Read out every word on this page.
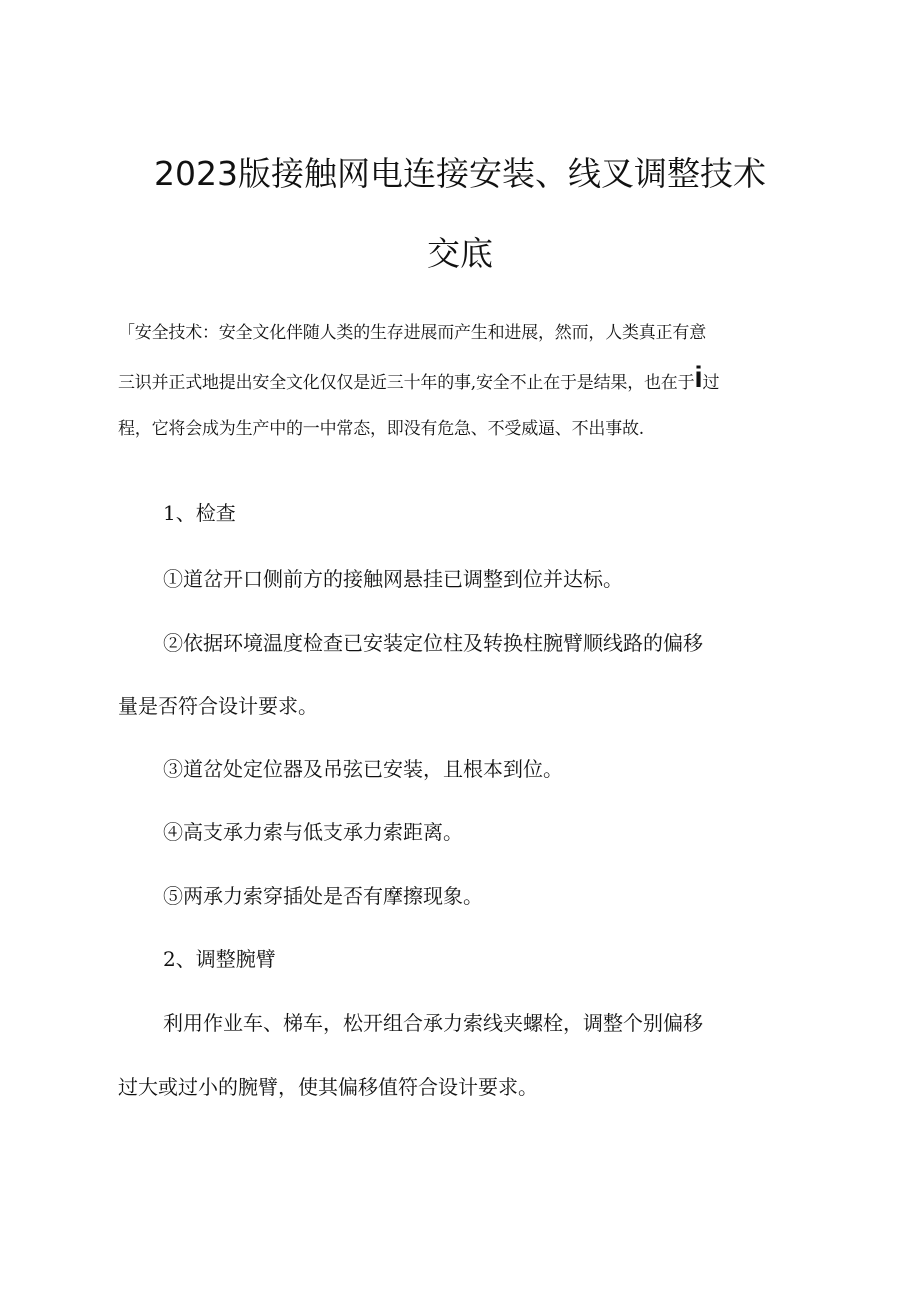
2023版接触网电连接安装、线叉调整技术
交底
「安全技术：安全文化伴随人类的生存进展而产生和进展，然而，人类真正有意
三识并正式地提出安全文化仅仅是近三十年的事,安全不止在于是结果，也在于i过
程，它将会成为生产中的一中常态，即没有危急、不受威逼、不出事故.
1、检查
①道岔开口侧前方的接触网悬挂已调整到位并达标。
②依据环境温度检查已安装定位柱及转换柱腕臂顺线路的偏移
量是否符合设计要求。
③道岔处定位器及吊弦已安装，且根本到位。
④高支承力索与低支承力索距离。
⑤两承力索穿插处是否有摩擦现象。
2、调整腕臂
利用作业车、梯车，松开组合承力索线夹螺栓，调整个别偏移
过大或过小的腕臂，使其偏移值符合设计要求。
